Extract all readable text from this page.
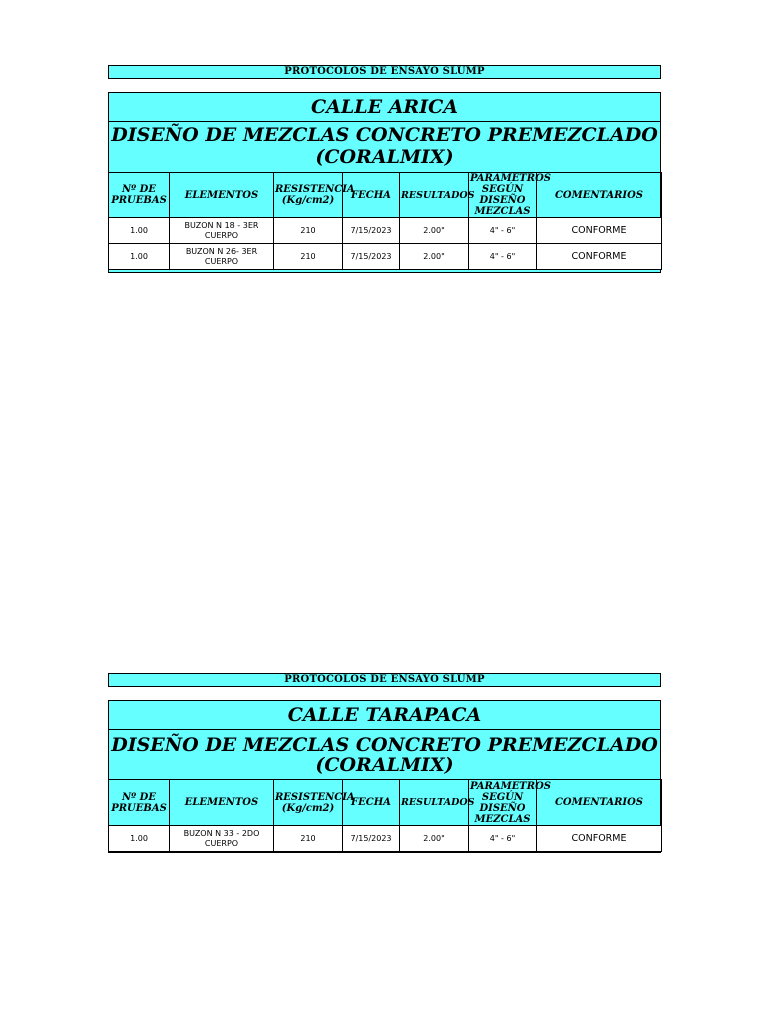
PROTOCOLOS DE ENSAYO SLUMP
CALLE ARICA
DISEÑO DE MEZCLAS CONCRETO PREMEZCLADO
(CORALMIX)
Nº DE PRUEBAS	ELEMENTOS	RESISTENCIA (Kg/cm2)	FECHA	RESULTADOS	PARAMETROS SEGÚN DISEÑO MEZCLAS	COMENTARIOS
1.00	BUZON N 18 - 3ER CUERPO	210	7/15/2023	2.00"	4" - 6"	CONFORME
1.00	BUZON N 26- 3ER CUERPO	210	7/15/2023	2.00"	4" - 6"	CONFORME
PROTOCOLOS DE ENSAYO SLUMP
CALLE TARAPACA
DISEÑO DE MEZCLAS CONCRETO PREMEZCLADO
(CORALMIX)
Nº DE PRUEBAS	ELEMENTOS	RESISTENCIA (Kg/cm2)	FECHA	RESULTADOS	PARAMETROS SEGÚN DISEÑO MEZCLAS	COMENTARIOS
1.00	BUZON N 33 - 2DO CUERPO	210	7/15/2023	2.00"	4" - 6"	CONFORME
